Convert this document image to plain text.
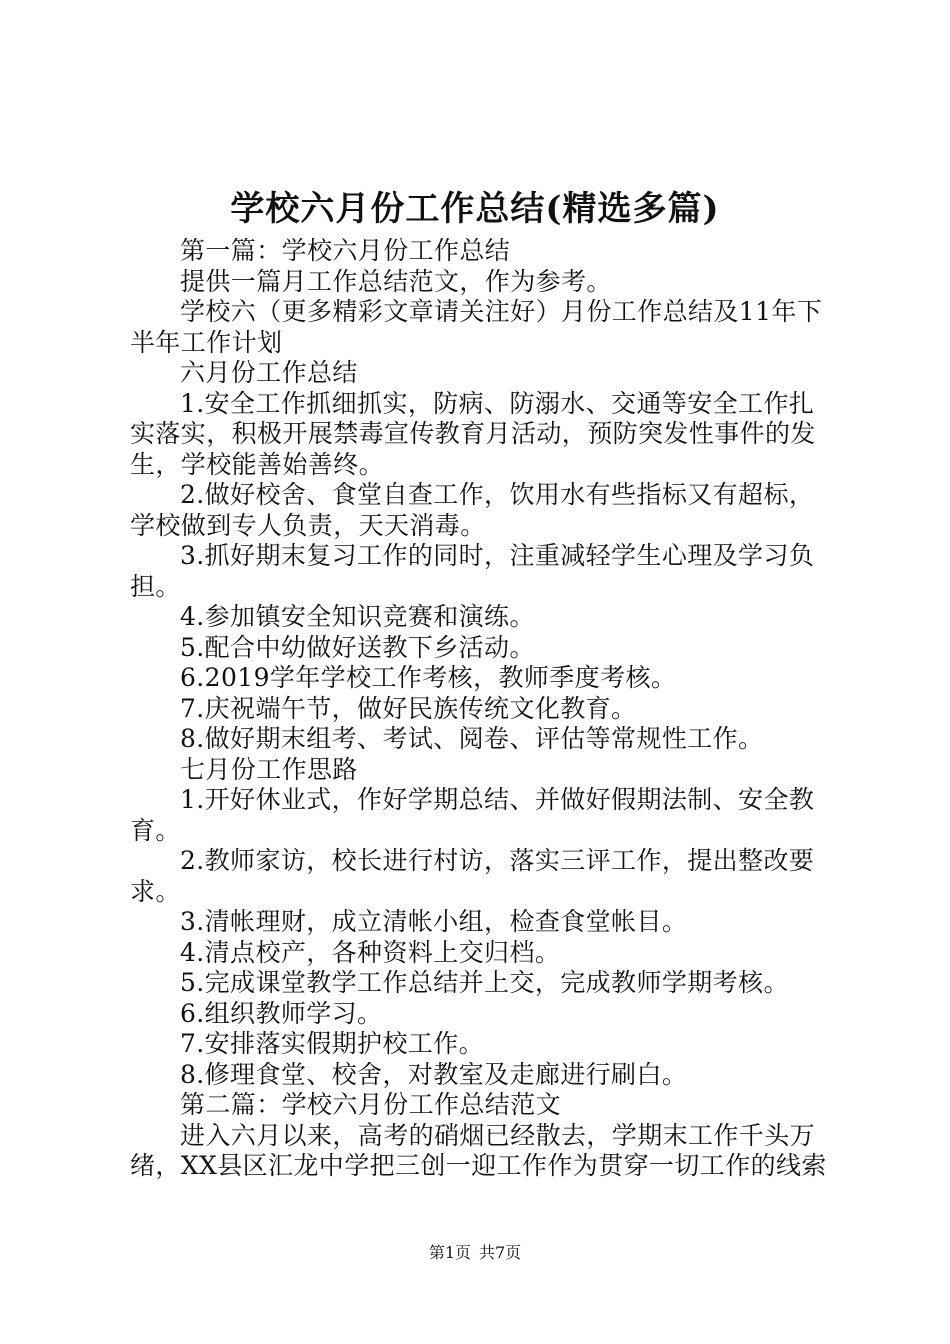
学校六月份工作总结(精选多篇)

第一篇：学校六月份工作总结

提供一篇月工作总结范文，作为参考。

学校六（更多精彩文章请关注好）月份工作总结及11年下半年工作计划

六月份工作总结

1.安全工作抓细抓实，防病、防溺水、交通等安全工作扎实落实，积极开展禁毒宣传教育月活动，预防突发性事件的发生，学校能善始善终。

2.做好校舍、食堂自查工作，饮用水有些指标又有超标，学校做到专人负责，天天消毒。

3.抓好期末复习工作的同时，注重减轻学生心理及学习负担。

4.参加镇安全知识竞赛和演练。

5.配合中幼做好送教下乡活动。

6.2019学年学校工作考核，教师季度考核。

7.庆祝端午节，做好民族传统文化教育。

8.做好期末组考、考试、阅卷、评估等常规性工作。

七月份工作思路

1.开好休业式，作好学期总结、并做好假期法制、安全教育。

2.教师家访，校长进行村访，落实三评工作，提出整改要求。

3.清帐理财，成立清帐小组，检查食堂帐目。

4.清点校产，各种资料上交归档。

5.完成课堂教学工作总结并上交，完成教师学期考核。

6.组织教师学习。

7.安排落实假期护校工作。

8.修理食堂、校舍，对教室及走廊进行刷白。

第二篇：学校六月份工作总结范文

进入六月以来，高考的硝烟已经散去，学期末工作千头万绪，XX县区汇龙中学把三创一迎工作作为贯穿一切工作的线索

第1页 共7页
